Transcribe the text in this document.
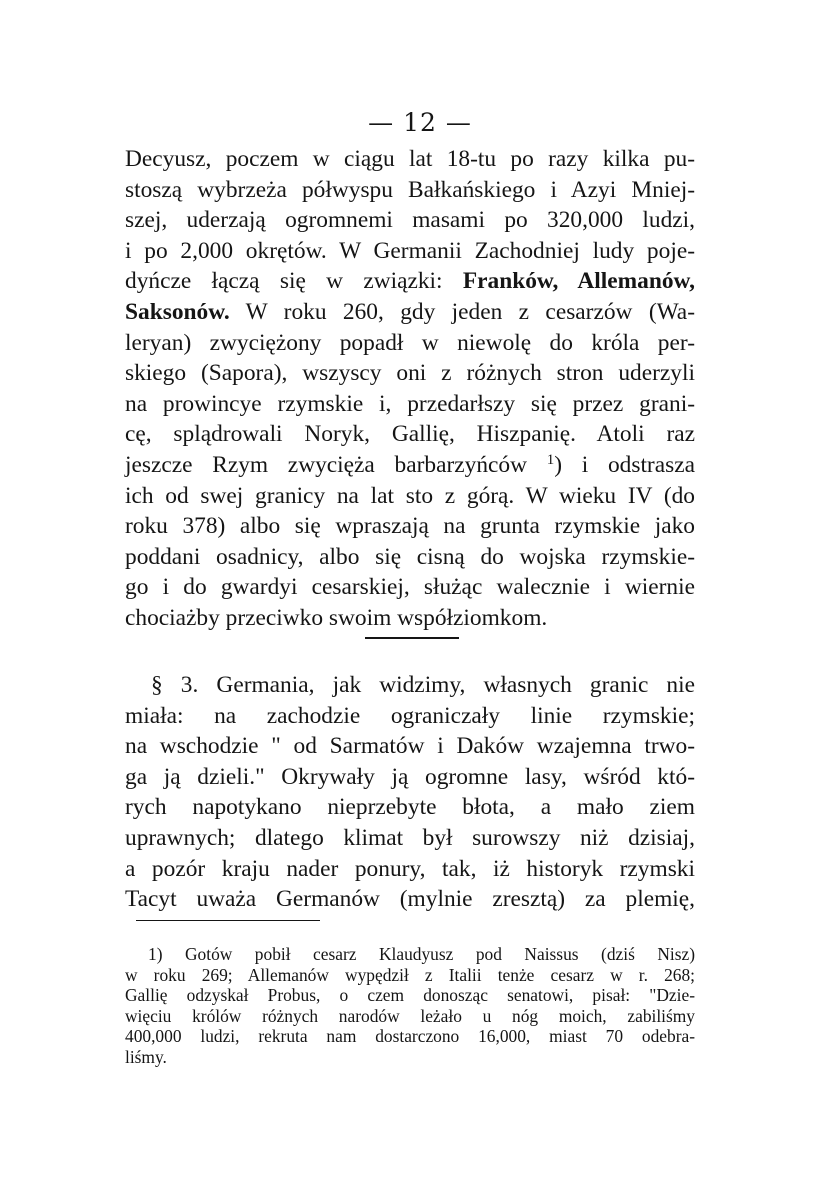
— 12 —
Decyusz, poczem w ciągu lat 18-tu po razy kilka pu-
stoszą wybrzeża półwyspu Bałkańskiego i Azyi Mniej-
szej, uderzają ogromnemi masami po 320,000 ludzi,
i po 2,000 okrętów. W Germanii Zachodniej ludy poje-
dyńcze łączą się w związki: Franków, Allemanów,
Saksonów. W roku 260, gdy jeden z cesarzów (Wa-
leryan) zwyciężony popadł w niewolę do króla per-
skiego (Sapora), wszyscy oni z różnych stron uderzyli
na prowincye rzymskie i, przedarłszy się przez grani-
cę, splądrowali Noryk, Gallię, Hiszpanię. Atoli raz
jeszcze Rzym zwycięża barbarzyńców $^1$) i odstrasza
ich od swej granicy na lat sto z górą. W wieku IV (do
roku 378) albo się wpraszają na grunta rzymskie jako
poddani osadnicy, albo się cisną do wojska rzymskie-
go i do gwardyi cesarskiej, służąc walecznie i wiernie
chociażby przeciwko swoim współziomkom.
§ 3. Germania, jak widzimy, własnych granic nie
miała: na zachodzie ograniczały linie rzymskie;
na wschodzie " od Sarmatów i Daków wzajemna trwo-
ga ją dzieli." Okrywały ją ogromne lasy, wśród któ-
rych napotykano nieprzebyte błota, a mało ziem
uprawnych; dlatego klimat był surowszy niż dzisiaj,
a pozór kraju nader ponury, tak, iż historyk rzymski
Tacyt uważa Germanów (mylnie zresztą) za plemię,
1) Gotów pobił cesarz Klaudyusz pod Naissus (dziś Nisz)
w roku 269; Allemanów wypędził z Italii tenże cesarz w r. 268;
Gallię odzyskał Probus, o czem donosząc senatowi, pisał: "Dzie-
więciu królów różnych narodów leżało u nóg moich, zabiliśmy
400,000 ludzi, rekruta nam dostarczono 16,000, miast 70 odebra-
liśmy.
